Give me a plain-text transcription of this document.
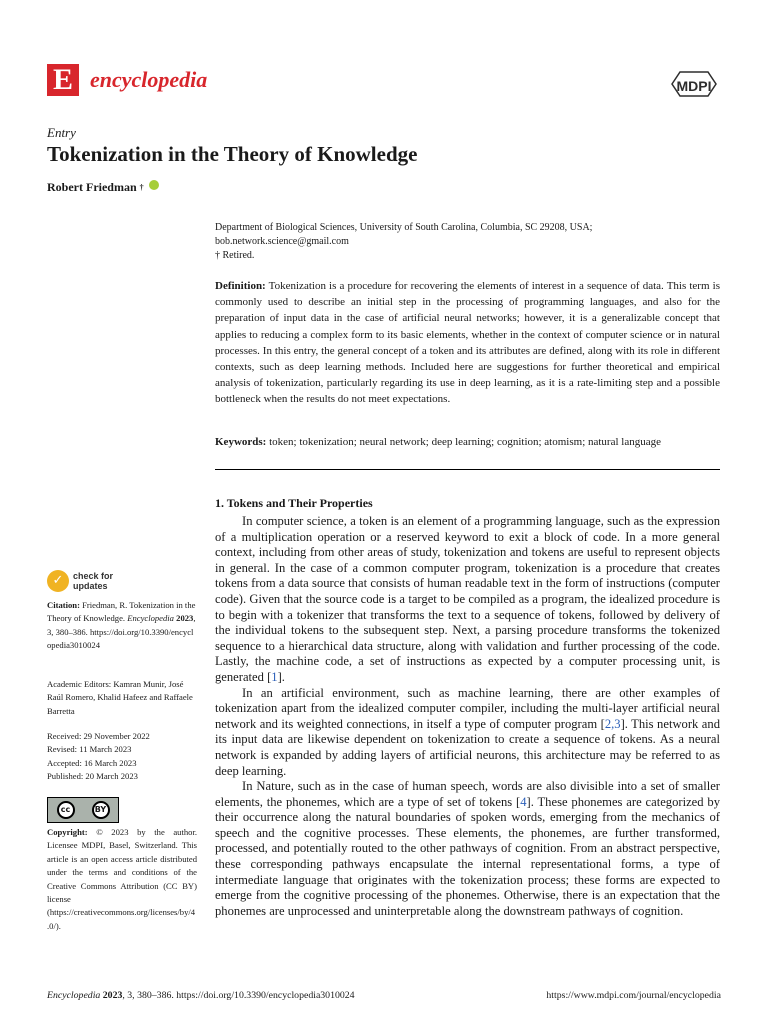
E encyclopedia	MDPI
Entry
Tokenization in the Theory of Knowledge
Robert Friedman †
Department of Biological Sciences, University of South Carolina, Columbia, SC 29208, USA;
bob.network.science@gmail.com
† Retired.
Definition: Tokenization is a procedure for recovering the elements of interest in a sequence of data. This term is commonly used to describe an initial step in the processing of programming languages, and also for the preparation of input data in the case of artificial neural networks; however, it is a generalizable concept that applies to reducing a complex form to its basic elements, whether in the context of computer science or in natural processes. In this entry, the general concept of a token and its attributes are defined, along with its role in different contexts, such as deep learning methods. Included here are suggestions for further theoretical and empirical analysis of tokenization, particularly regarding its use in deep learning, as it is a rate-limiting step and a possible bottleneck when the results do not meet expectations.
Keywords: token; tokenization; neural network; deep learning; cognition; atomism; natural language
1. Tokens and Their Properties

In computer science, a token is an element of a programming language, such as the expression of a multiplication operation or a reserved keyword to exit a block of code. In a more general context, including from other areas of study, tokenization and tokens are useful to represent objects in general. In the case of a common computer program, tokenization is a procedure that creates tokens from a data source that consists of human readable text in the form of instructions (computer code). Given that the source code is a target to be compiled as a program, the idealized procedure is to begin with a tokenizer that transforms the text to a sequence of tokens, followed by delivery of the individual tokens to the subsequent step. Next, a parsing procedure transforms the tokenized sequence to a hierarchical data structure, along with validation and further processing of the code. Lastly, the machine code, a set of instructions as expected by a computer processing unit, is generated [1].

In an artificial environment, such as machine learning, there are other examples of tokenization apart from the idealized computer compiler, including the multi-layer artificial neural network and its weighted connections, in itself a type of computer program [2,3]. This network and its input data are likewise dependent on tokenization to create a sequence of tokens. As a neural network is expanded by adding layers of artificial neurons, this architecture may be referred to as deep learning.

In Nature, such as in the case of human speech, words are also divisible into a set of smaller elements, the phonemes, which are a type of set of tokens [4]. These phonemes are categorized by their occurrence along the natural boundaries of spoken words, emerging from the mechanics of speech and the cognitive processes. These elements, the phonemes, are further transformed, processed, and potentially routed to the other pathways of cognition. From an abstract perspective, these corresponding pathways encapsulate the internal representational forms, a type of intermediate language that originates with the tokenization process; these forms are expected to emerge from the cognitive processing of the phonemes. Otherwise, there is an expectation that the phonemes are unprocessed and uninterpretable along the downstream pathways of cognition.

✓	check for
updates
Citation: Friedman, R. Tokenization in the Theory of Knowledge. Encyclopedia 2023, 3, 380–386. https://doi.org/10.3390/encyclopedia3010024
Academic Editors: Kamran Munir, José Raúl Romero, Khalid Hafeez and Raffaele Barretta
Received: 29 November 2022
Revised: 11 March 2023
Accepted: 16 March 2023
Published: 20 March 2023
cc	BY
Copyright: © 2023 by the author. Licensee MDPI, Basel, Switzerland. This article is an open access article distributed under the terms and conditions of the Creative Commons Attribution (CC BY) license (https://creativecommons.org/licenses/by/4.0/).
Encyclopedia 2023, 3, 380–386. https://doi.org/10.3390/encyclopedia3010024	https://www.mdpi.com/journal/encyclopedia
